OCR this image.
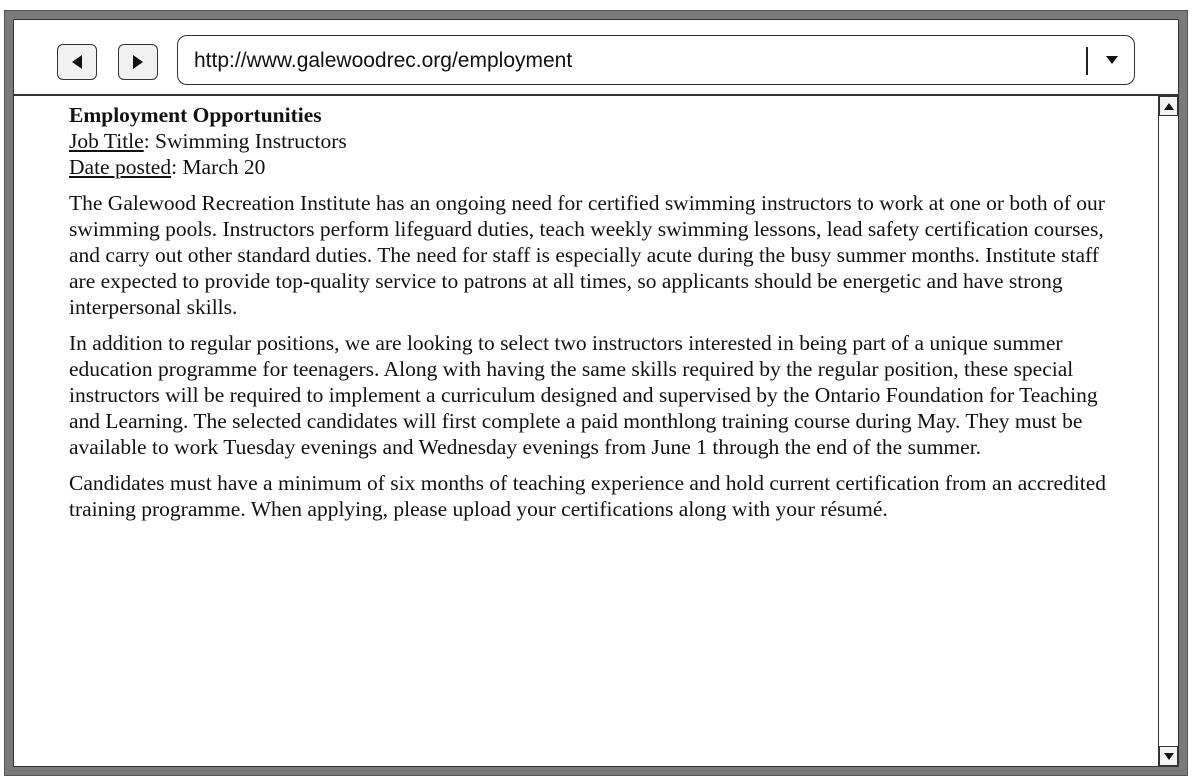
http://www.galewoodrec.org/employment
Employment Opportunities
Job Title: Swimming Instructors
Date posted: March 20

The Galewood Recreation Institute has an ongoing need for certified swimming instructors to work at one or both of our swimming pools. Instructors perform lifeguard duties, teach weekly swimming lessons, lead safety certification courses, and carry out other standard duties. The need for staff is especially acute during the busy summer months. Institute staff are expected to provide top-quality service to patrons at all times, so applicants should be energetic and have strong interpersonal skills.

In addition to regular positions, we are looking to select two instructors interested in being part of a unique summer education programme for teenagers. Along with having the same skills required by the regular position, these special instructors will be required to implement a curriculum designed and supervised by the Ontario Foundation for Teaching and Learning. The selected candidates will first complete a paid monthlong training course during May. They must be available to work Tuesday evenings and Wednesday evenings from June 1 through the end of the summer.

Candidates must have a minimum of six months of teaching experience and hold current certification from an accredited training programme. When applying, please upload your certifications along with your résumé.
